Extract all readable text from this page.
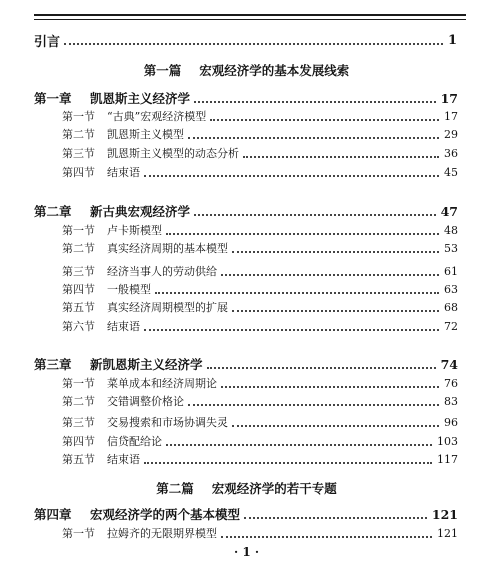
引言	1
第一篇 宏观经济学的基本发展线索
第一章	凯恩斯主义经济学	17
第一节	“古典”宏观经济模型	17
第二节	凯恩斯主义模型	29
第三节	凯恩斯主义模型的动态分析	36
第四节	结束语	45
第二章	新古典宏观经济学	47
第一节	卢卡斯模型	48
第二节	真实经济周期的基本模型	53
第三节	经济当事人的劳动供给	61
第四节	一般模型	63
第五节	真实经济周期模型的扩展	68
第六节	结束语	72
第三章	新凯恩斯主义经济学	74
第一节	菜单成本和经济周期论	76
第二节	交错调整价格论	83
第三节	交易搜索和市场协调失灵	96
第四节	信贷配给论	103
第五节	结束语	117
第二篇 宏观经济学的若干专题
第四章	宏观经济学的两个基本模型	121
第一节	拉姆齐的无限期界模型	121
· 1 ·
